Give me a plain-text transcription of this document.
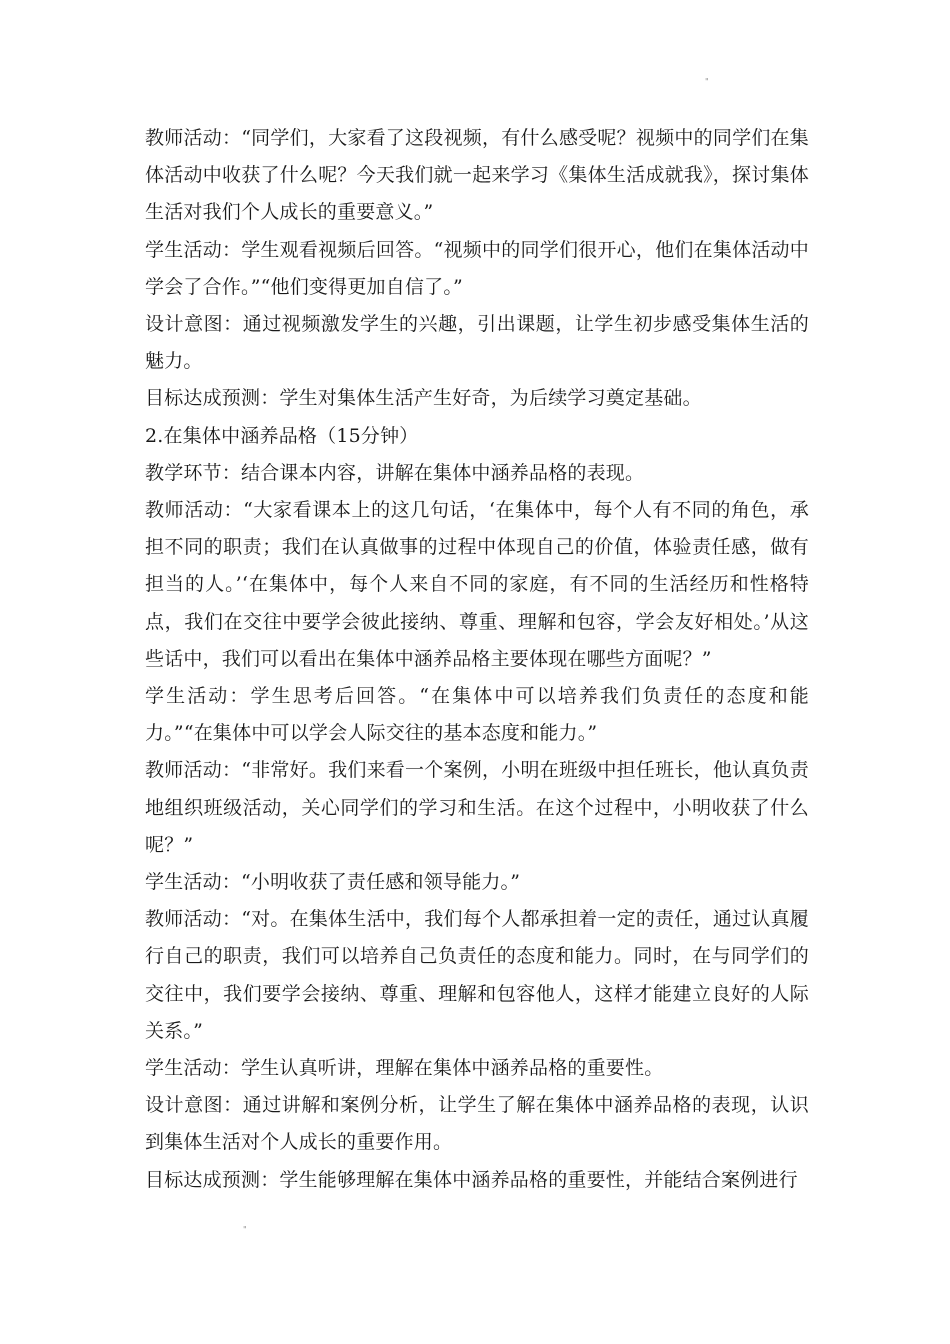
"

教师活动：“同学们，大家看了这段视频，有什么感受呢？视频中的同学们在集体活动中收获了什么呢？今天我们就一起来学习《集体生活成就我》，探讨集体生活对我们个人成长的重要意义。”

学生活动：学生观看视频后回答。“视频中的同学们很开心，他们在集体活动中学会了合作。”“他们变得更加自信了。”

设计意图：通过视频激发学生的兴趣，引出课题，让学生初步感受集体生活的魅力。

目标达成预测：学生对集体生活产生好奇，为后续学习奠定基础。

2.在集体中涵养品格（15分钟）

教学环节：结合课本内容，讲解在集体中涵养品格的表现。

教师活动：“大家看课本上的这几句话，‘在集体中，每个人有不同的角色，承担不同的职责；我们在认真做事的过程中体现自己的价值，体验责任感，做有担当的人。’‘在集体中，每个人来自不同的家庭，有不同的生活经历和性格特点，我们在交往中要学会彼此接纳、尊重、理解和包容，学会友好相处。’从这些话中，我们可以看出在集体中涵养品格主要体现在哪些方面呢？”

学生活动：学生思考后回答。“在集体中可以培养我们负责任的态度和能力。”“在集体中可以学会人际交往的基本态度和能力。”

教师活动：“非常好。我们来看一个案例，小明在班级中担任班长，他认真负责地组织班级活动，关心同学们的学习和生活。在这个过程中，小明收获了什么呢？”

学生活动：“小明收获了责任感和领导能力。”

教师活动：“对。在集体生活中，我们每个人都承担着一定的责任，通过认真履行自己的职责，我们可以培养自己负责任的态度和能力。同时，在与同学们的交往中，我们要学会接纳、尊重、理解和包容他人，这样才能建立良好的人际关系。”

学生活动：学生认真听讲，理解在集体中涵养品格的重要性。

设计意图：通过讲解和案例分析，让学生了解在集体中涵养品格的表现，认识到集体生活对个人成长的重要作用。

目标达成预测：学生能够理解在集体中涵养品格的重要性，并能结合案例进行

"
